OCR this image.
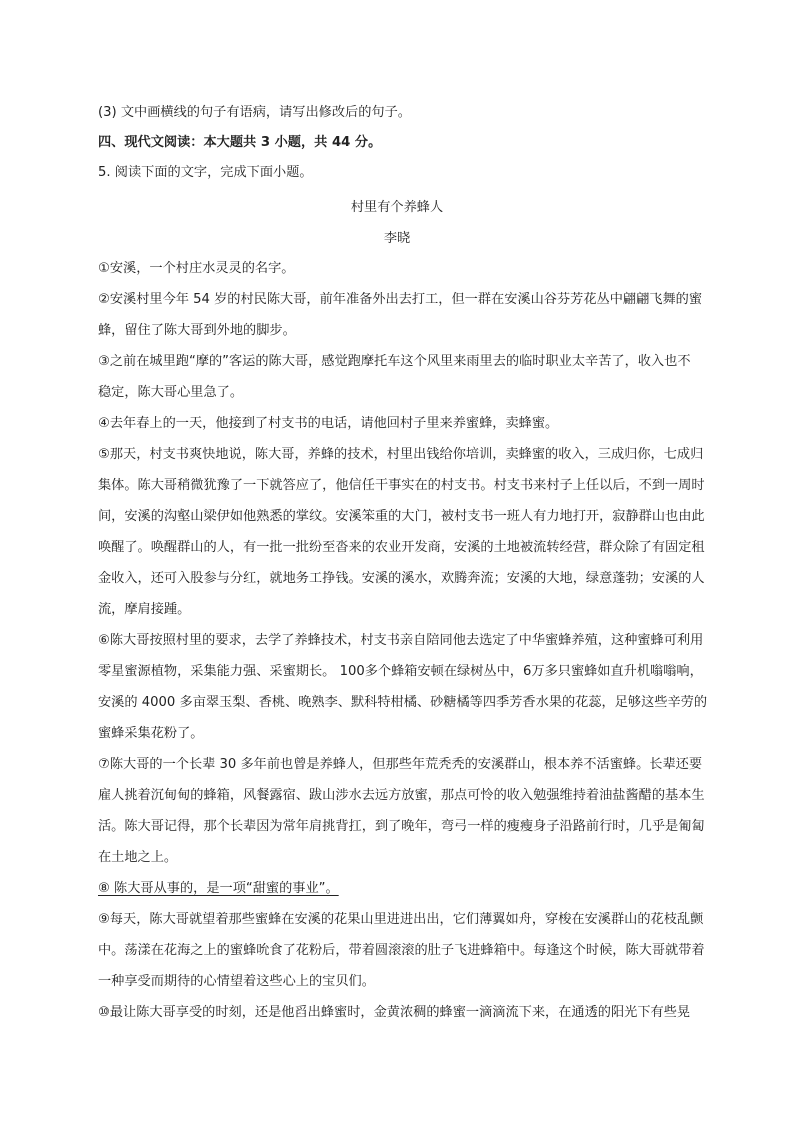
(3) 文中画横线的句子有语病，请写出修改后的句子。

四、现代文阅读：本大题共 3 小题，共 44 分。

5. 阅读下面的文字，完成下面小题。

村里有个养蜂人

李晓

①安溪，一个村庄水灵灵的名字。

②安溪村里今年 54 岁的村民陈大哥，前年准备外出去打工，但一群在安溪山谷芬芳花丛中翩翩飞舞的蜜

蜂，留住了陈大哥到外地的脚步。

③之前在城里跑“摩的”客运的陈大哥，感觉跑摩托车这个风里来雨里去的临时职业太辛苦了，收入也不

稳定，陈大哥心里急了。

④去年春上的一天，他接到了村支书的电话，请他回村子里来养蜜蜂，卖蜂蜜。

⑤那天，村支书爽快地说，陈大哥，养蜂的技术，村里出钱给你培训，卖蜂蜜的收入，三成归你，七成归

集体。陈大哥稍微犹豫了一下就答应了，他信任干事实在的村支书。村支书来村子上任以后，不到一周时

间，安溪的沟壑山梁伊如他熟悉的掌纹。安溪笨重的大门，被村支书一班人有力地打开，寂静群山也由此

唤醒了。唤醒群山的人，有一批一批纷至沓来的农业开发商，安溪的土地被流转经营，群众除了有固定租

金收入，还可入股参与分红，就地务工挣钱。安溪的溪水，欢腾奔流；安溪的大地，绿意蓬勃；安溪的人

流，摩肩接踵。

⑥陈大哥按照村里的要求，去学了养蜂技术，村支书亲自陪同他去选定了中华蜜蜂养殖，这种蜜蜂可利用

零星蜜源植物，采集能力强、采蜜期长。 100多个蜂箱安顿在绿树丛中，6万多只蜜蜂如直升机嗡嗡响，

安溪的 4000 多亩翠玉梨、香桃、晚熟李、默科特柑橘、砂糖橘等四季芳香水果的花蕊，足够这些辛劳的

蜜蜂采集花粉了。

⑦陈大哥的一个长辈 30 多年前也曾是养蜂人，但那些年荒秃秃的安溪群山，根本养不活蜜蜂。长辈还要

雇人挑着沉甸甸的蜂箱，风餐露宿、跋山涉水去远方放蜜，那点可怜的收入勉强维持着油盐酱醋的基本生

活。陈大哥记得，那个长辈因为常年肩挑背扛，到了晚年，弯弓一样的瘦瘦身子沿路前行时，几乎是匍匐

在土地之上。

⑧ 陈大哥从事的，是一项“甜蜜的事业”。

⑨每天，陈大哥就望着那些蜜蜂在安溪的花果山里进进出出，它们薄翼如舟，穿梭在安溪群山的花枝乱颤

中。荡漾在花海之上的蜜蜂吮食了花粉后，带着圆滚滚的肚子飞进蜂箱中。每逢这个时候，陈大哥就带着

一种享受而期待的心情望着这些心上的宝贝们。

⑩最让陈大哥享受的时刻，还是他舀出蜂蜜时，金黄浓稠的蜂蜜一滴滴流下来，在通透的阳光下有些晃
